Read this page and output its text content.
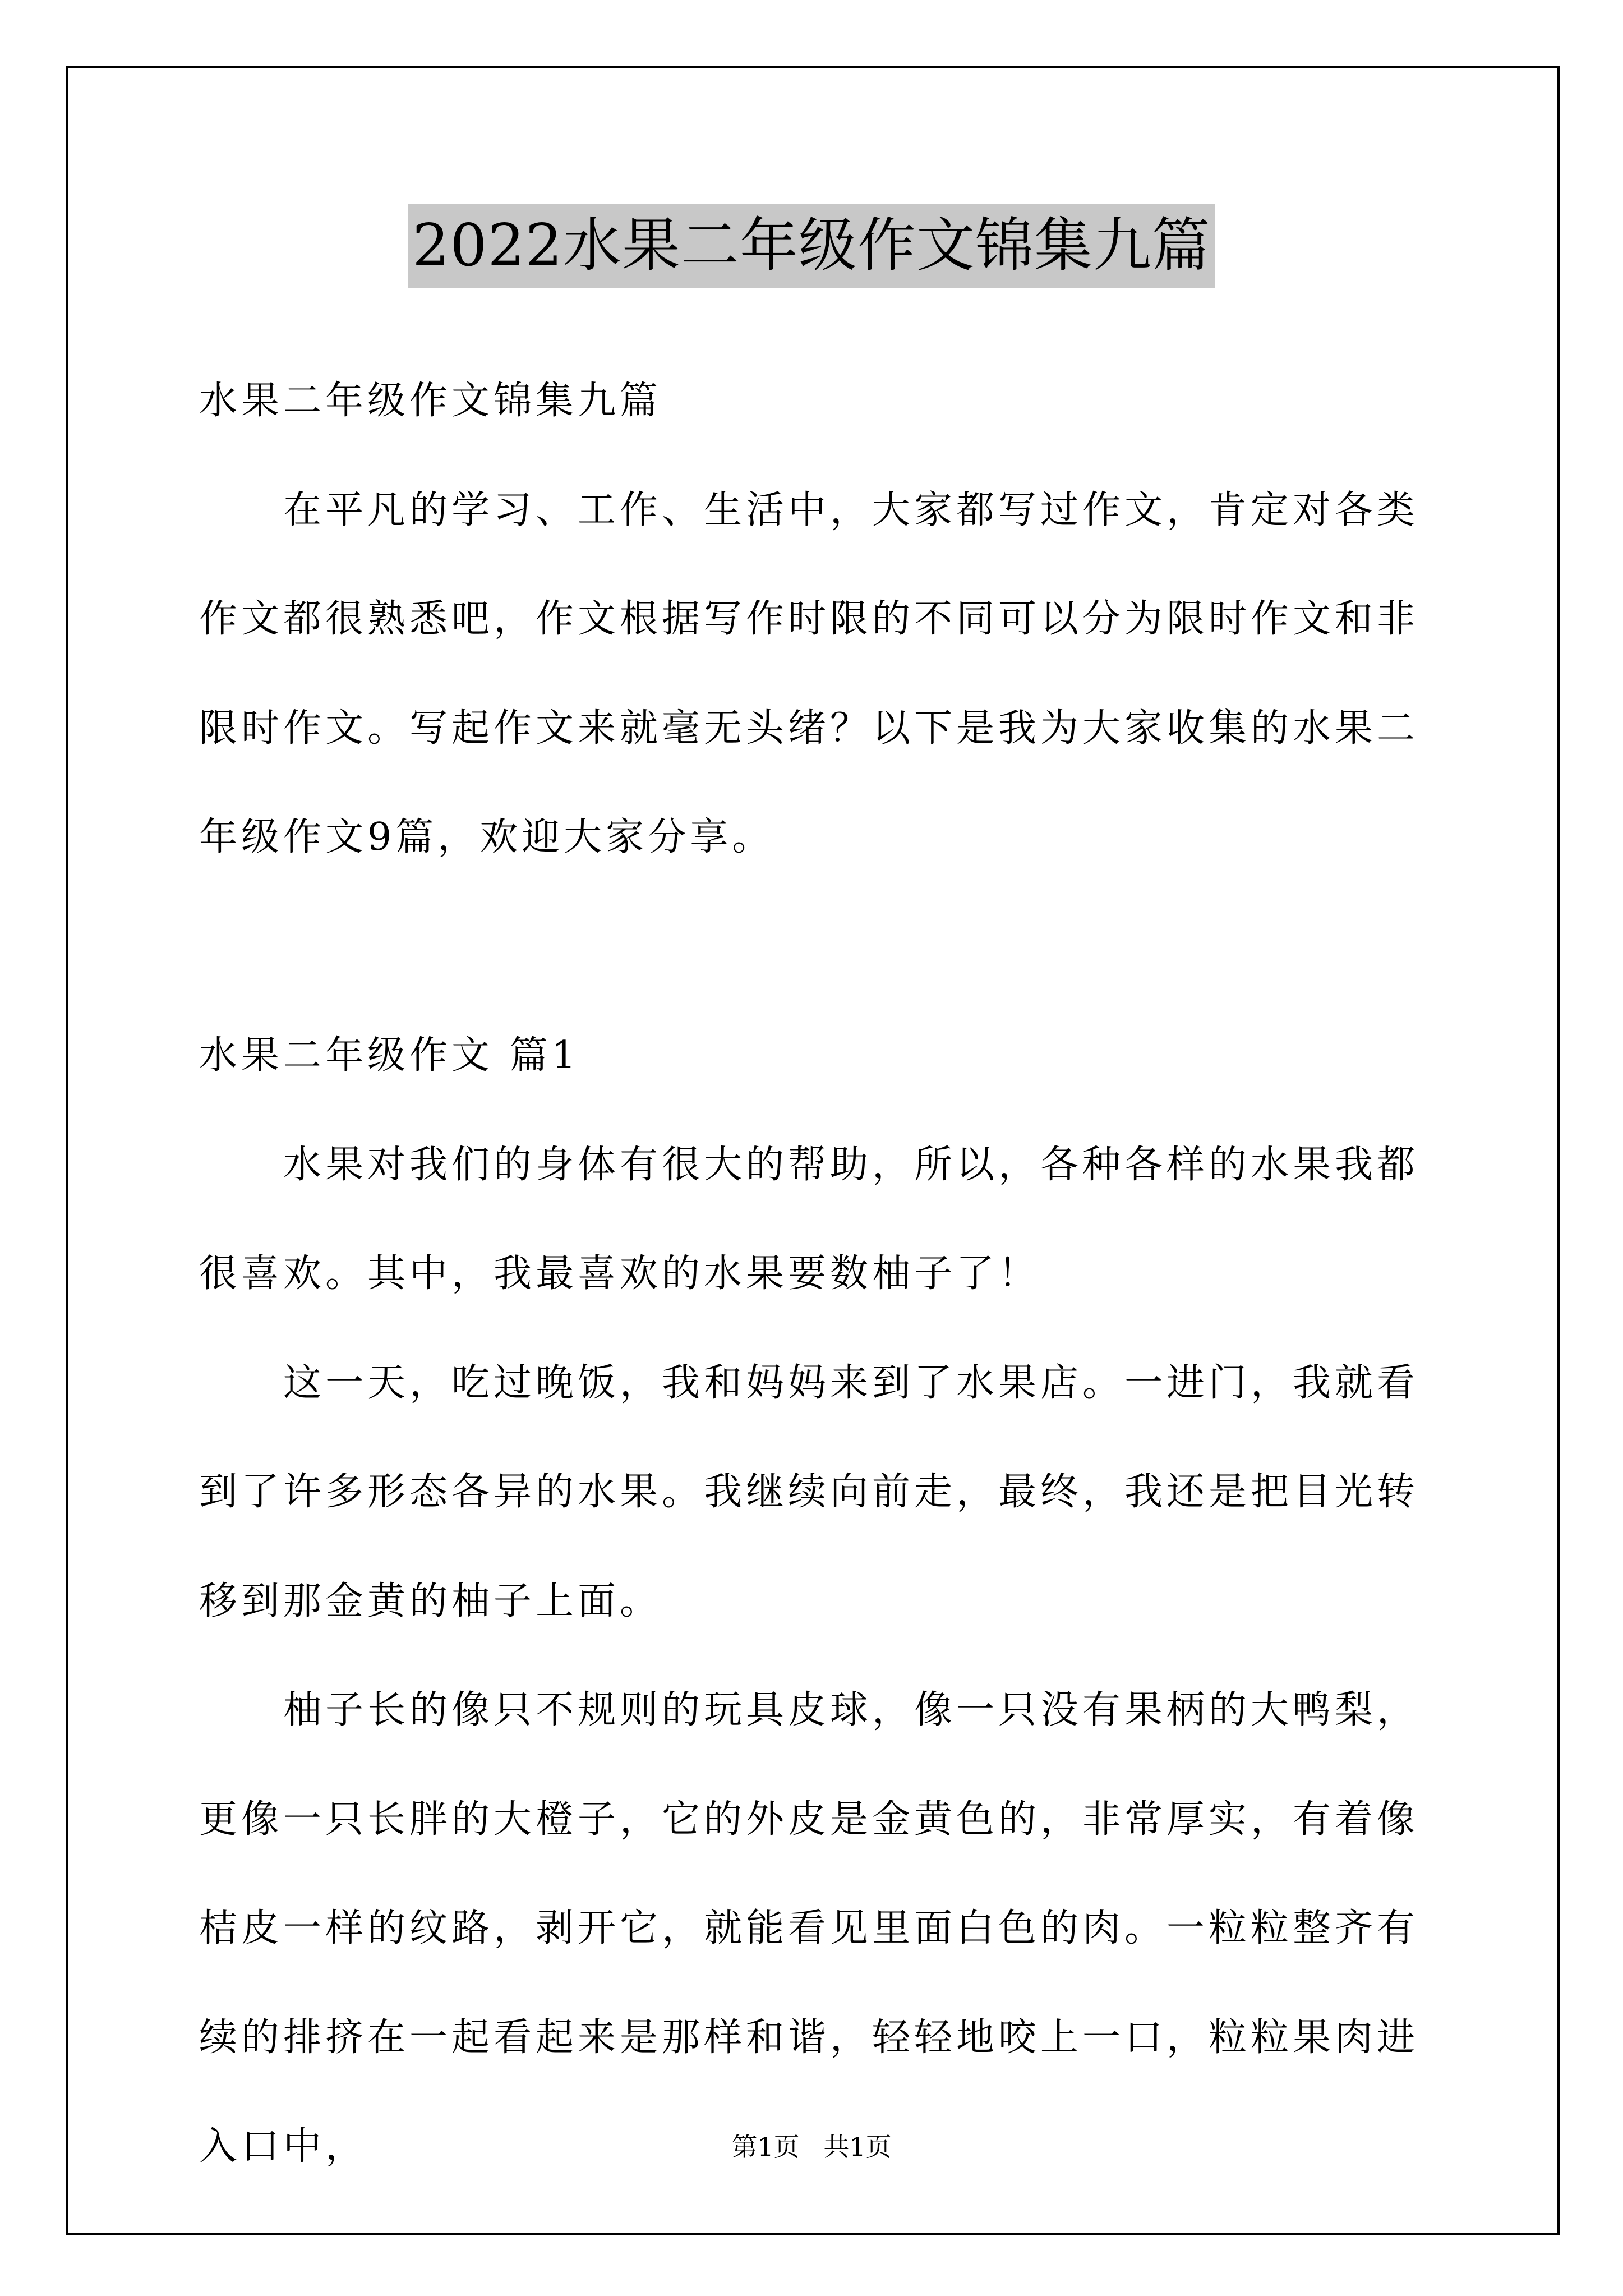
2022水果二年级作文锦集九篇

水果二年级作文锦集九篇

在平凡的学习、工作、生活中，大家都写过作文，肯定对各类作文都很熟悉吧，作文根据写作时限的不同可以分为限时作文和非限时作文。写起作文来就毫无头绪？以下是我为大家收集的水果二年级作文9篇，欢迎大家分享。

水果二年级作文 篇1

水果对我们的身体有很大的帮助，所以，各种各样的水果我都很喜欢。其中，我最喜欢的水果要数柚子了！

这一天，吃过晚饭，我和妈妈来到了水果店。一进门，我就看到了许多形态各异的水果。我继续向前走，最终，我还是把目光转移到那金黄的柚子上面。

柚子长的像只不规则的玩具皮球，像一只没有果柄的大鸭梨，更像一只长胖的大橙子，它的外皮是金黄色的，非常厚实，有着像桔皮一样的纹路，剥开它，就能看见里面白色的肉。一粒粒整齐有续的排挤在一起看起来是那样和谐，轻轻地咬上一口，粒粒果肉进入口中，	第1页 共1页
